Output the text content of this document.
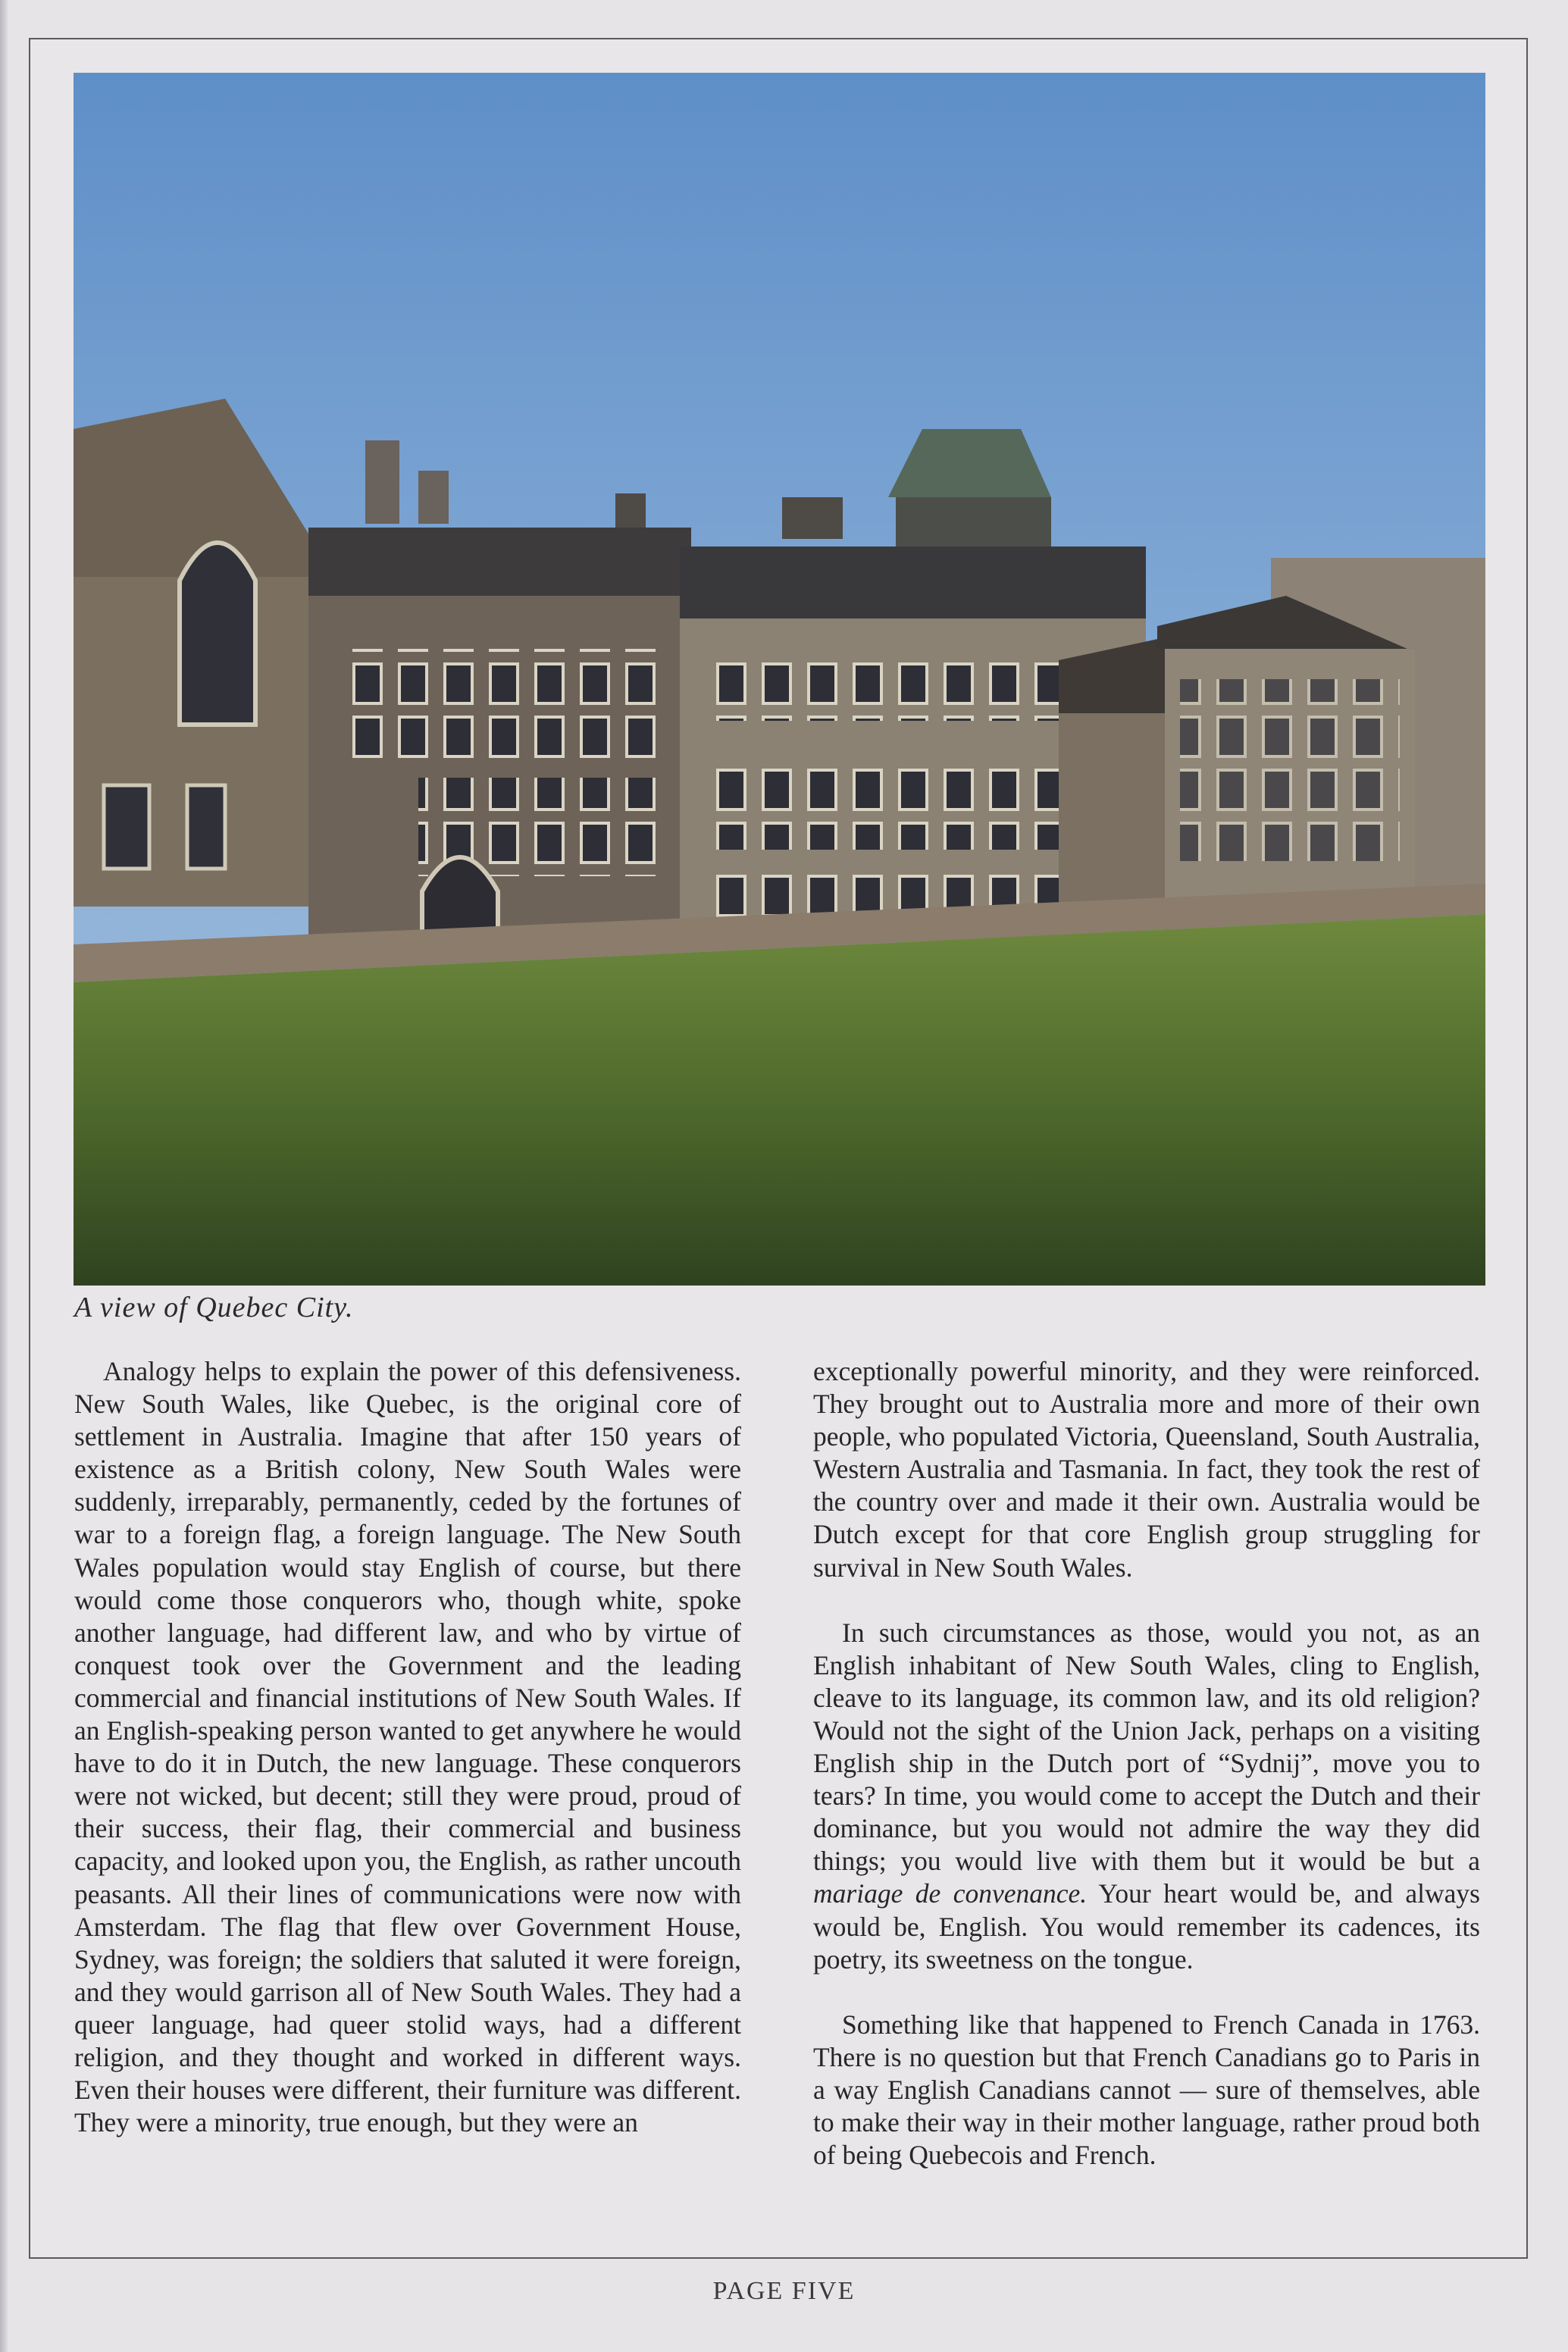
A view of Quebec City.

Analogy helps to explain the power of this defensiveness. New South Wales, like Quebec, is the original core of settlement in Australia. Imagine that after 150 years of existence as a British colony, New South Wales were suddenly, irreparably, permanently, ceded by the fortunes of war to a foreign flag, a foreign language. The New South Wales population would stay English of course, but there would come those conquerors who, though white, spoke another language, had different law, and who by virtue of conquest took over the Government and the leading commercial and financial institutions of New South Wales. If an English-speaking person wanted to get anywhere he would have to do it in Dutch, the new language. These conquerors were not wicked, but decent; still they were proud, proud of their success, their flag, their commercial and business capacity, and looked upon you, the English, as rather uncouth peasants. All their lines of communications were now with Amsterdam. The flag that flew over Government House, Sydney, was foreign; the soldiers that saluted it were foreign, and they would garrison all of New South Wales. They had a queer language, had queer stolid ways, had a different religion, and they thought and worked in different ways. Even their houses were different, their furniture was different. They were a minority, true enough, but they were an

exceptionally powerful minority, and they were reinforced. They brought out to Australia more and more of their own people, who populated Victoria, Queensland, South Australia, Western Australia and Tasmania. In fact, they took the rest of the country over and made it their own. Australia would be Dutch except for that core English group struggling for survival in New South Wales.

In such circumstances as those, would you not, as an English inhabitant of New South Wales, cling to English, cleave to its language, its common law, and its old religion? Would not the sight of the Union Jack, perhaps on a visiting English ship in the Dutch port of “Sydnij”, move you to tears? In time, you would come to accept the Dutch and their dominance, but you would not admire the way they did things; you would live with them but it would be but a mariage de convenance. Your heart would be, and always would be, English. You would remember its cadences, its poetry, its sweetness on the tongue.

Something like that happened to French Canada in 1763. There is no question but that French Canadians go to Paris in a way English Canadians cannot — sure of themselves, able to make their way in their mother language, rather proud both of being Quebecois and French.

PAGE FIVE
